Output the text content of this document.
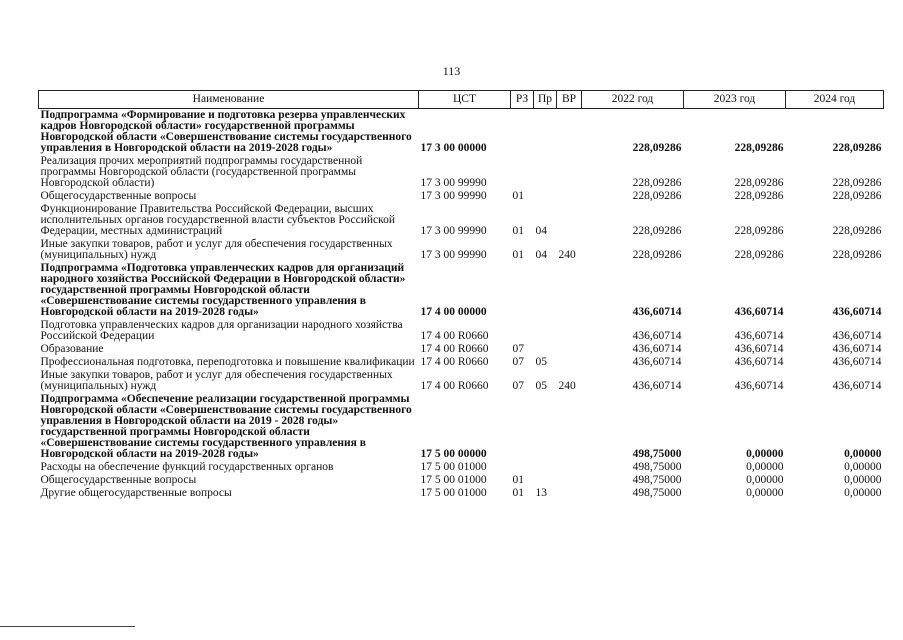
113
Наименование	ЦСТ	РЗ	Пр	ВР	2022 год	2023 год	2024 год
Подпрограмма «Формирование и подготовка резерва управленческих кадров Новгородской области» государственной программы Новгородской области «Совершенствование системы государственного управления в Новгородской области на 2019-2028 годы»	17 3 00 00000				228,09286	228,09286	228,09286
Реализация прочих мероприятий подпрограммы государственной программы Новгородской области (государственной программы Новгородской области)	17 3 00 99990				228,09286	228,09286	228,09286
Общегосударственные вопросы	17 3 00 99990	01			228,09286	228,09286	228,09286
Функционирование Правительства Российской Федерации, высших исполнительных органов государственной власти субъектов Российской Федерации, местных администраций	17 3 00 99990	01	04		228,09286	228,09286	228,09286
Иные закупки товаров, работ и услуг для обеспечения государственных (муниципальных) нужд	17 3 00 99990	01	04	240	228,09286	228,09286	228,09286
Подпрограмма «Подготовка управленческих кадров для организаций народного хозяйства Российской Федерации в Новгородской области» государственной программы Новгородской области «Совершенствование системы государственного управления в Новгородской области на 2019-2028 годы»	17 4 00 00000				436,60714	436,60714	436,60714
Подготовка управленческих кадров для организации народного хозяйства Российской Федерации	17 4 00 R0660				436,60714	436,60714	436,60714
Образование	17 4 00 R0660	07			436,60714	436,60714	436,60714
Профессиональная подготовка, переподготовка и повышение квалификации	17 4 00 R0660	07	05		436,60714	436,60714	436,60714
Иные закупки товаров, работ и услуг для обеспечения государственных (муниципальных) нужд	17 4 00 R0660	07	05	240	436,60714	436,60714	436,60714
Подпрограмма «Обеспечение реализации государственной программы Новгородской области «Совершенствование системы государственного управления в Новгородской области на 2019 - 2028 годы» государственной программы Новгородской области «Совершенствование системы государственного управления в Новгородской области на 2019-2028 годы»	17 5 00 00000				498,75000	0,00000	0,00000
Расходы на обеспечение функций государственных органов	17 5 00 01000				498,75000	0,00000	0,00000
Общегосударственные вопросы	17 5 00 01000	01			498,75000	0,00000	0,00000
Другие общегосударственные вопросы	17 5 00 01000	01	13		498,75000	0,00000	0,00000
